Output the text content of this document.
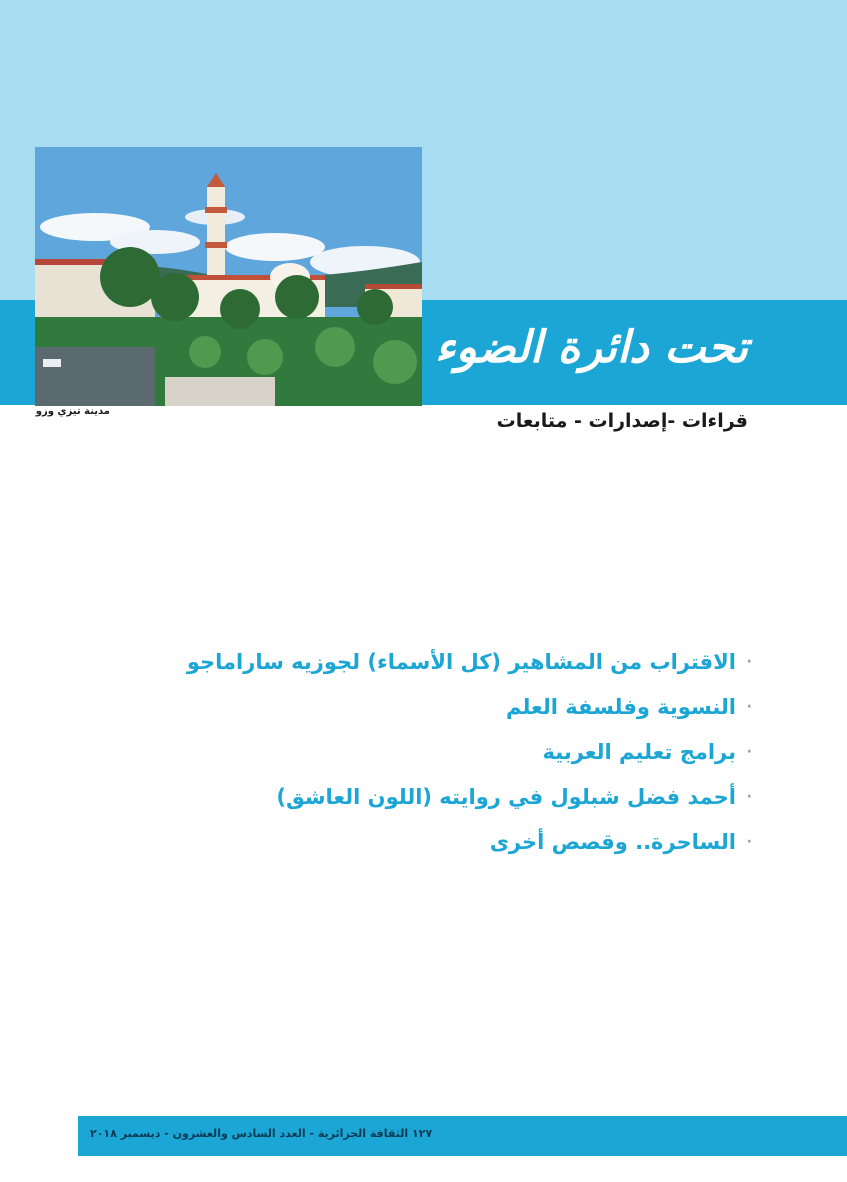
مدينة تيزي وزو
تحت دائرة الضوء
قراءات -إصدارات - متابعات
·
الاقتراب من المشاهير (كل الأسماء) لجوزيه ساراماجو
·
النسوية وفلسفة العلم
·
برامج تعليم العربية
·
أحمد فضل شبلول في روايته (اللون العاشق)
·
الساحرة.. وقصص أخرى
١٢٧ الثقافة الجزائرية - العدد السادس والعشرون - ديسمبر ٢٠١٨
